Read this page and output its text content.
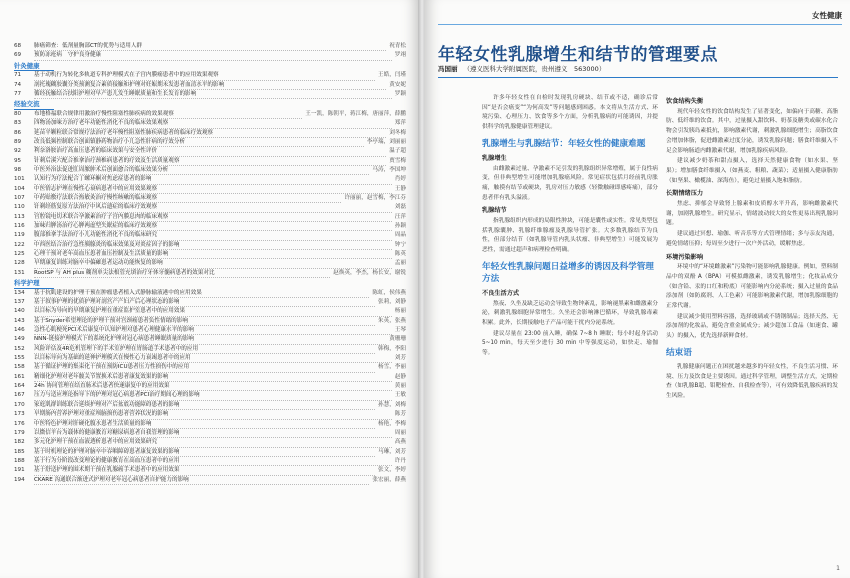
68	肺癌筛查：低剂量胸部CT的优势与适用人群	祝青松
69	预防冻疮病　守护良身健康	罗翊
针灸健康
71	基于动机行为转化多轨道专科护理模式在子宫内膜癌患者中的应用效果观察	王皓，闫瑾
74	剖托瑰糊胶囊分类预测复合素质接触和护理对妊娠期未发患者血清水平的影响	黄安妮
77	循经抚触结合扶阳护理对早产患儿发生睡眠质量和生长发育的影响	罗颖
经验交流
80	布地格福联合规律用激治疗慢性阻塞性肺疾病的效果观察	王一凯，陈朝平，蒋江梅，唐丽萍，薛鹏
83	四物汤加味方治疗老年功能性消化不良的临床效果观察	郑萍
86	延苗平颗粒联合常规疗法治疗老年慢性阻塞性肺疾病患者的临床疗效观察	刘冬梅
89	改良低频控制联合创面镇静药物治疗小儿急性肝病的疗效分析	李亭瑞，刘丽丽
92	利奈洛胺治疗高血压患者的临床效果与安全性评价	温子超
95	针刺后溪穴配合推拿治疗颈椎病患者的疗效及生活质量观察	贾雪梅
98	中医外治法促进肛周脓肿术后创面愈合的临床效果分析	马涛，李国坤
101	认知行为疗法配合丁螺环酮对焦虑症患者的影响	肖婷
104	中医情志护理在慢性心衰病患者中的应用效果观察	王静
107	中药贴敷疗法联合热敏灸治疗慢性咳嗽的临床观察	许丽丽，赵雪梅，李江芬
110	针刺经筋复原方法治疗中风后遗症的临床疗效观察	刘磊
113	宫腔镜电切术联合孕激素治疗子宫内膜息肉的临床观察	汪萍
116	加味归脾汤治疗心脾两虚型失眠症的临床疗效观察	孙颖
119	腹部推拿手法治疗小儿功能性消化不良的临床研究	周晶
122	中西医结合治疗急性胰腺炎的临床效果及对炎症因子的影响	钟宁
125	心理干预对老年高血压患者血压控制及生活质量的影响	陈英
128	早期康复训练对脑卒中偏瘫患者运动功能恢复的影响	孟丽
131	RootSP 与 AH plus 糊剂单尖法根管充填治疗牙体牙髓病患者的效果对比	赵焕英，李杰，杨长安，谢锐
科学护理
134	基于抗肌建设的护理干预在肿瘤患者植入式静脉输液港中的应用效果	陈虹，侯伟燕
137	基于叙事护理的优质护理对剖宫产产妇产后心理状态的影响	张莉，刘静
140	以目标为导向的早期康复护理在重症监护室患者中的应用效果	杨丽
143	基于Snyder希望理论的护理干预对宫颈癌患者负性情绪的影响	朱英，张燕
146	急性心肌梗死PCI术后康复中认知护理对患者心理健康水平的影响	王琴
149	NNN-链接护理模式下的系统化护理对冠心病患者睡眠质量的影响	黄珊珊
152	风险评估及4R危机管理下的手术室护理在胃肠道手术患者中的应用	韩梅，李阳
155	以目标导向为基础的延伸护理模式在慢性心力衰竭患者中的应用	刘芳
158	基于循证护理的集束化干预在预防ICU患者压力性损伤中的应用	杨雪，李丽
161	精细化护理对老年髋关节置换术后患者康复效果的影响	赵静
164	24h 协同管理在结直肠术后患者快速康复中的应用效果	黄丽
167	压力与适应理论指导下的护理对冠心病患者PCI治疗期间心理的影响	王敏
170	家庭肌群训练联合延续护理对产后盆底功能障碍患者的影响	孙慧，刘梅
173	早期肠内营养护理对重症颅脑损伤患者营养状况的影响	陈芳
176	中医特色护理对肝硬化腹水患者生活质量的影响	杨艳，李梅
179	以微信平台为载体的健康教育对糖尿病患者自我管理的影响	周丽
182	多元化护理干预在血液透析患者中的应用效果研究	高燕
185	基于时机理论的护理对脑卒中吞咽障碍患者康复效果的影响	马琳，刘芳
188	基于行为分阶段改变理论的健康教育在高血压患者中的应用	许丹
191	基于舒适护理的围术期干预在乳腺癌手术患者中的应用效果	张文，李婷
194	CKARE 沟通联合渐进式护理对老年冠心病患者自护能力的影响	张宏丽，薛燕
女性健康
年轻女性乳腺增生和结节的管理要点
冯国丽 （遵义医科大学附属医院，贵州遵义　563000）

许多年轻女性在自检时发现乳房硬块、结节或不适，确诊后常因“是否会癌变”“为何高发”等问题感到困惑。本文将从生活方式、环境污染、心理压力、饮食等多个方面，分析乳腺病的可能诱因，并提供科学的乳腺健康管理建议。

乳腺增生与乳腺结节：年轻女性的健康难题
乳腺增生

由雌激素过量、孕激素不足引发的乳腺组织异常增殖，属于良性病变，但非典型增生可能增加乳腺癌风险。常见症状包括月经前乳房胀痛，触摸有结节或硬块，乳房对压力敏感（轻微触碰即感疼痛），部分患者伴有乳头溢液。

乳腺结节

指乳腺组织内形成的局限性肿块，可能是囊性或实性。常见类型包括乳腺囊肿、乳腺纤维腺瘤及乳腺导管扩张。大多数乳腺结节为良性，但部分结节（如乳腺导管内乳头状瘤、非典型增生）可能发展为恶性，需通过超声和病理检查明确。

年轻女性乳腺问题日益增多的诱因及科学管理方法
不良生活方式

熬夜、久坐及缺乏运动会导致生物钟紊乱，影响褪黑素和雌激素分泌，刺激乳腺细胞异常增生。久坐还会影响淋巴循环，导致乳腺毒素积累。此外，长期接触电子产品可能干扰内分泌系统。

建议尽量在 23:00 前入睡，确保 7~8 h 睡眠；每小时起身活动 5~10 min，每天至少进行 30 min 中等强度运动，如快走、瑜伽等。

饮食结构失衡

现代年轻女性的饮食结构发生了显著变化，如偏向于高糖、高脂肪、低纤维的饮食。其中，过量摄入甜饮料、奶茶及糖类或碳水化合物会引发胰岛素抵抗，影响激素代谢，刺激乳腺细胞增生；高脂饮食会增加体脂，促进雌激素过度分泌，诱发乳腺问题；膳食纤维摄入不足会影响肠道内雌激素代谢，增加乳腺疾病风险。

建议减少奶茶和甜点摄入，选择天然健康食物（如水果、坚果）；增加膳食纤维摄入（如燕麦、粗粮、蔬菜）；适量摄入健康脂肪（如坚果、橄榄油、深海鱼），避免过量摄入饱和脂肪。

长期情绪压力

焦虑、抑郁会导致肾上腺素和皮质醇水平升高，影响雌激素代谢，加剧乳腺增生。研究显示，情绪波动较大的女性更易出现乳腺问题。

建议通过冥想、瑜伽、听音乐等方式管理情绪；多与亲友沟通，避免情绪压抑；每周至少进行一次户外活动，缓解焦虑。

环境污染影响

环境中的“环境雌激素”污染物可能影响乳腺健康。例如，塑料制品中的双酚 A（BPA）可模拟雌激素，诱发乳腺增生；化妆品成分（如含铅、汞的口红和粉底）可能影响内分泌系统；摄入过量的食品添加剂（如防腐剂、人工色素）可能影响激素代谢，增加乳腺细胞的正常代谢。

建议减少使用塑料容器，选择玻璃或不锈钢制品；选择天然、无添加剂的化妆品，避免含重金属成分；减少超加工食品（如速食、罐头）的摄入，优先选择新鲜食材。

结束语

乳腺健康问题正在困扰越来越多的年轻女性，不良生活习惯、环境、压力及饮食是主要诱因。通过科学管理，调整生活方式，定期检查（如乳腺B超、钼靶检查、自我检查等），可有效降低乳腺疾病的发生风险。

1
